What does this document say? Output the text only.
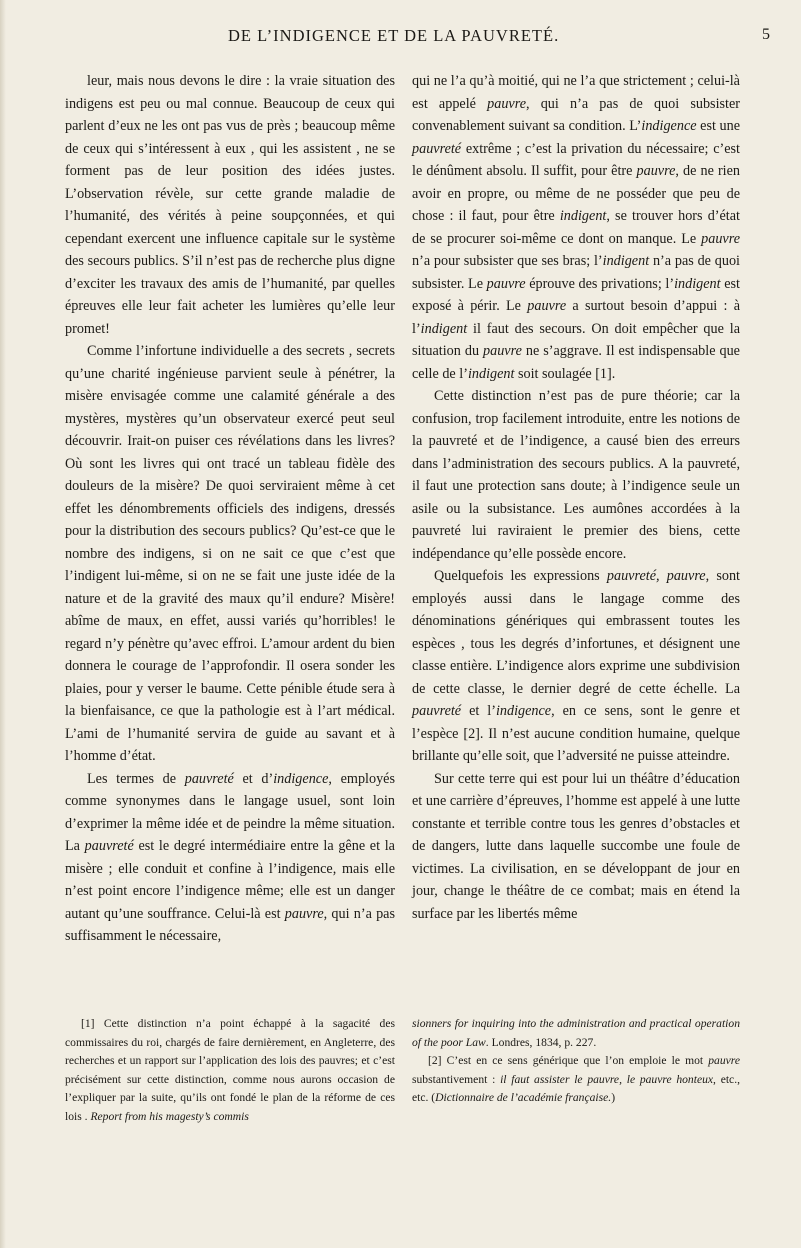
DE L’INDIGENCE ET DE LA PAUVRETÉ.	5

leur, mais nous devons le dire : la vraie situation des indigens est peu ou mal connue. Beaucoup de ceux qui parlent d’eux ne les ont pas vus de près ; beaucoup même de ceux qui s’intéressent à eux , qui les assistent , ne se forment pas de leur position des idées justes. L’observation révèle, sur cette grande maladie de l’humanité, des vérités à peine soupçonnées, et qui cependant exercent une influence capitale sur le système des secours publics. S’il n’est pas de recherche plus digne d’exciter les travaux des amis de l’humanité, par quelles épreuves elle leur fait acheter les lumières qu’elle leur promet!

Comme l’infortune individuelle a des secrets , secrets qu’une charité ingénieuse parvient seule à pénétrer, la misère envisagée comme une calamité générale a des mystères, mystères qu’un observateur exercé peut seul découvrir. Irait-on puiser ces révélations dans les livres? Où sont les livres qui ont tracé un tableau fidèle des douleurs de la misère? De quoi serviraient même à cet effet les dénombrements officiels des indigens, dressés pour la distribution des secours publics? Qu’est-ce que le nombre des indigens, si on ne sait ce que c’est que l’indigent lui-même, si on ne se fait une juste idée de la nature et de la gravité des maux qu’il endure? Misère! abîme de maux, en effet, aussi variés qu’horribles! le regard n’y pénètre qu’avec effroi. L’amour ardent du bien donnera le courage de l’approfondir. Il osera sonder les plaies, pour y verser le baume. Cette pénible étude sera à la bienfaisance, ce que la pathologie est à l’art médical. L’ami de l’humanité servira de guide au savant et à l’homme d’état.

Les termes de pauvreté et d’indigence, employés comme synonymes dans le langage usuel, sont loin d’exprimer la même idée et de peindre la même situation. La pauvreté est le degré intermédiaire entre la gêne et la misère ; elle conduit et confine à l’indigence, mais elle n’est point encore l’indigence même; elle est un danger autant qu’une souffrance. Celui-là est pauvre, qui n’a pas suffisamment le nécessaire,

qui ne l’a qu’à moitié, qui ne l’a que strictement ; celui-là est appelé pauvre, qui n’a pas de quoi subsister convenablement suivant sa condition. L’indigence est une pauvreté extrême ; c’est la privation du nécessaire; c’est le dénûment absolu. Il suffit, pour être pauvre, de ne rien avoir en propre, ou même de ne posséder que peu de chose : il faut, pour être indigent, se trouver hors d’état de se procurer soi-même ce dont on manque. Le pauvre n’a pour subsister que ses bras; l’indigent n’a pas de quoi subsister. Le pauvre éprouve des privations; l’indigent est exposé à périr. Le pauvre a surtout besoin d’appui : à l’indigent il faut des secours. On doit empêcher que la situation du pauvre ne s’aggrave. Il est indispensable que celle de l’indigent soit soulagée [1].

Cette distinction n’est pas de pure théorie; car la confusion, trop facilement introduite, entre les notions de la pauvreté et de l’indigence, a causé bien des erreurs dans l’administration des secours publics. A la pauvreté, il faut une protection sans doute; à l’indigence seule un asile ou la subsistance. Les aumônes accordées à la pauvreté lui raviraient le premier des biens, cette indépendance qu’elle possède encore.

Quelquefois les expressions pauvreté, pauvre, sont employés aussi dans le langage comme des dénominations génériques qui embrassent toutes les espèces , tous les degrés d’infortunes, et désignent une classe entière. L’indigence alors exprime une subdivision de cette classe, le dernier degré de cette échelle. La pauvreté et l’indigence, en ce sens, sont le genre et l’espèce [2]. Il n’est aucune condition humaine, quelque brillante qu’elle soit, que l’adversité ne puisse atteindre.

Sur cette terre qui est pour lui un théâtre d’éducation et une carrière d’épreuves, l’homme est appelé à une lutte constante et terrible contre tous les genres d’obstacles et de dangers, lutte dans laquelle succombe une foule de victimes. La civilisation, en se développant de jour en jour, change le théâtre de ce combat; mais en étend la surface par les libertés même

[1] Cette distinction n’a point échappé à la sagacité des commissaires du roi, chargés de faire dernièrement, en Angleterre, des recherches et un rapport sur l’application des lois des pauvres; et c’est précisément sur cette distinction, comme nous aurons occasion de l’expliquer par la suite, qu’ils ont fondé le plan de la réforme de ces lois . Report from his magesty’s commis

sionners for inquiring into the administration and practical operation of the poor Law. Londres, 1834, p. 227.

[2] C’est en ce sens générique que l’on emploie le mot pauvre substantivement : il faut assister le pauvre, le pauvre honteux, etc., etc. (Dictionnaire de l’académie française.)
